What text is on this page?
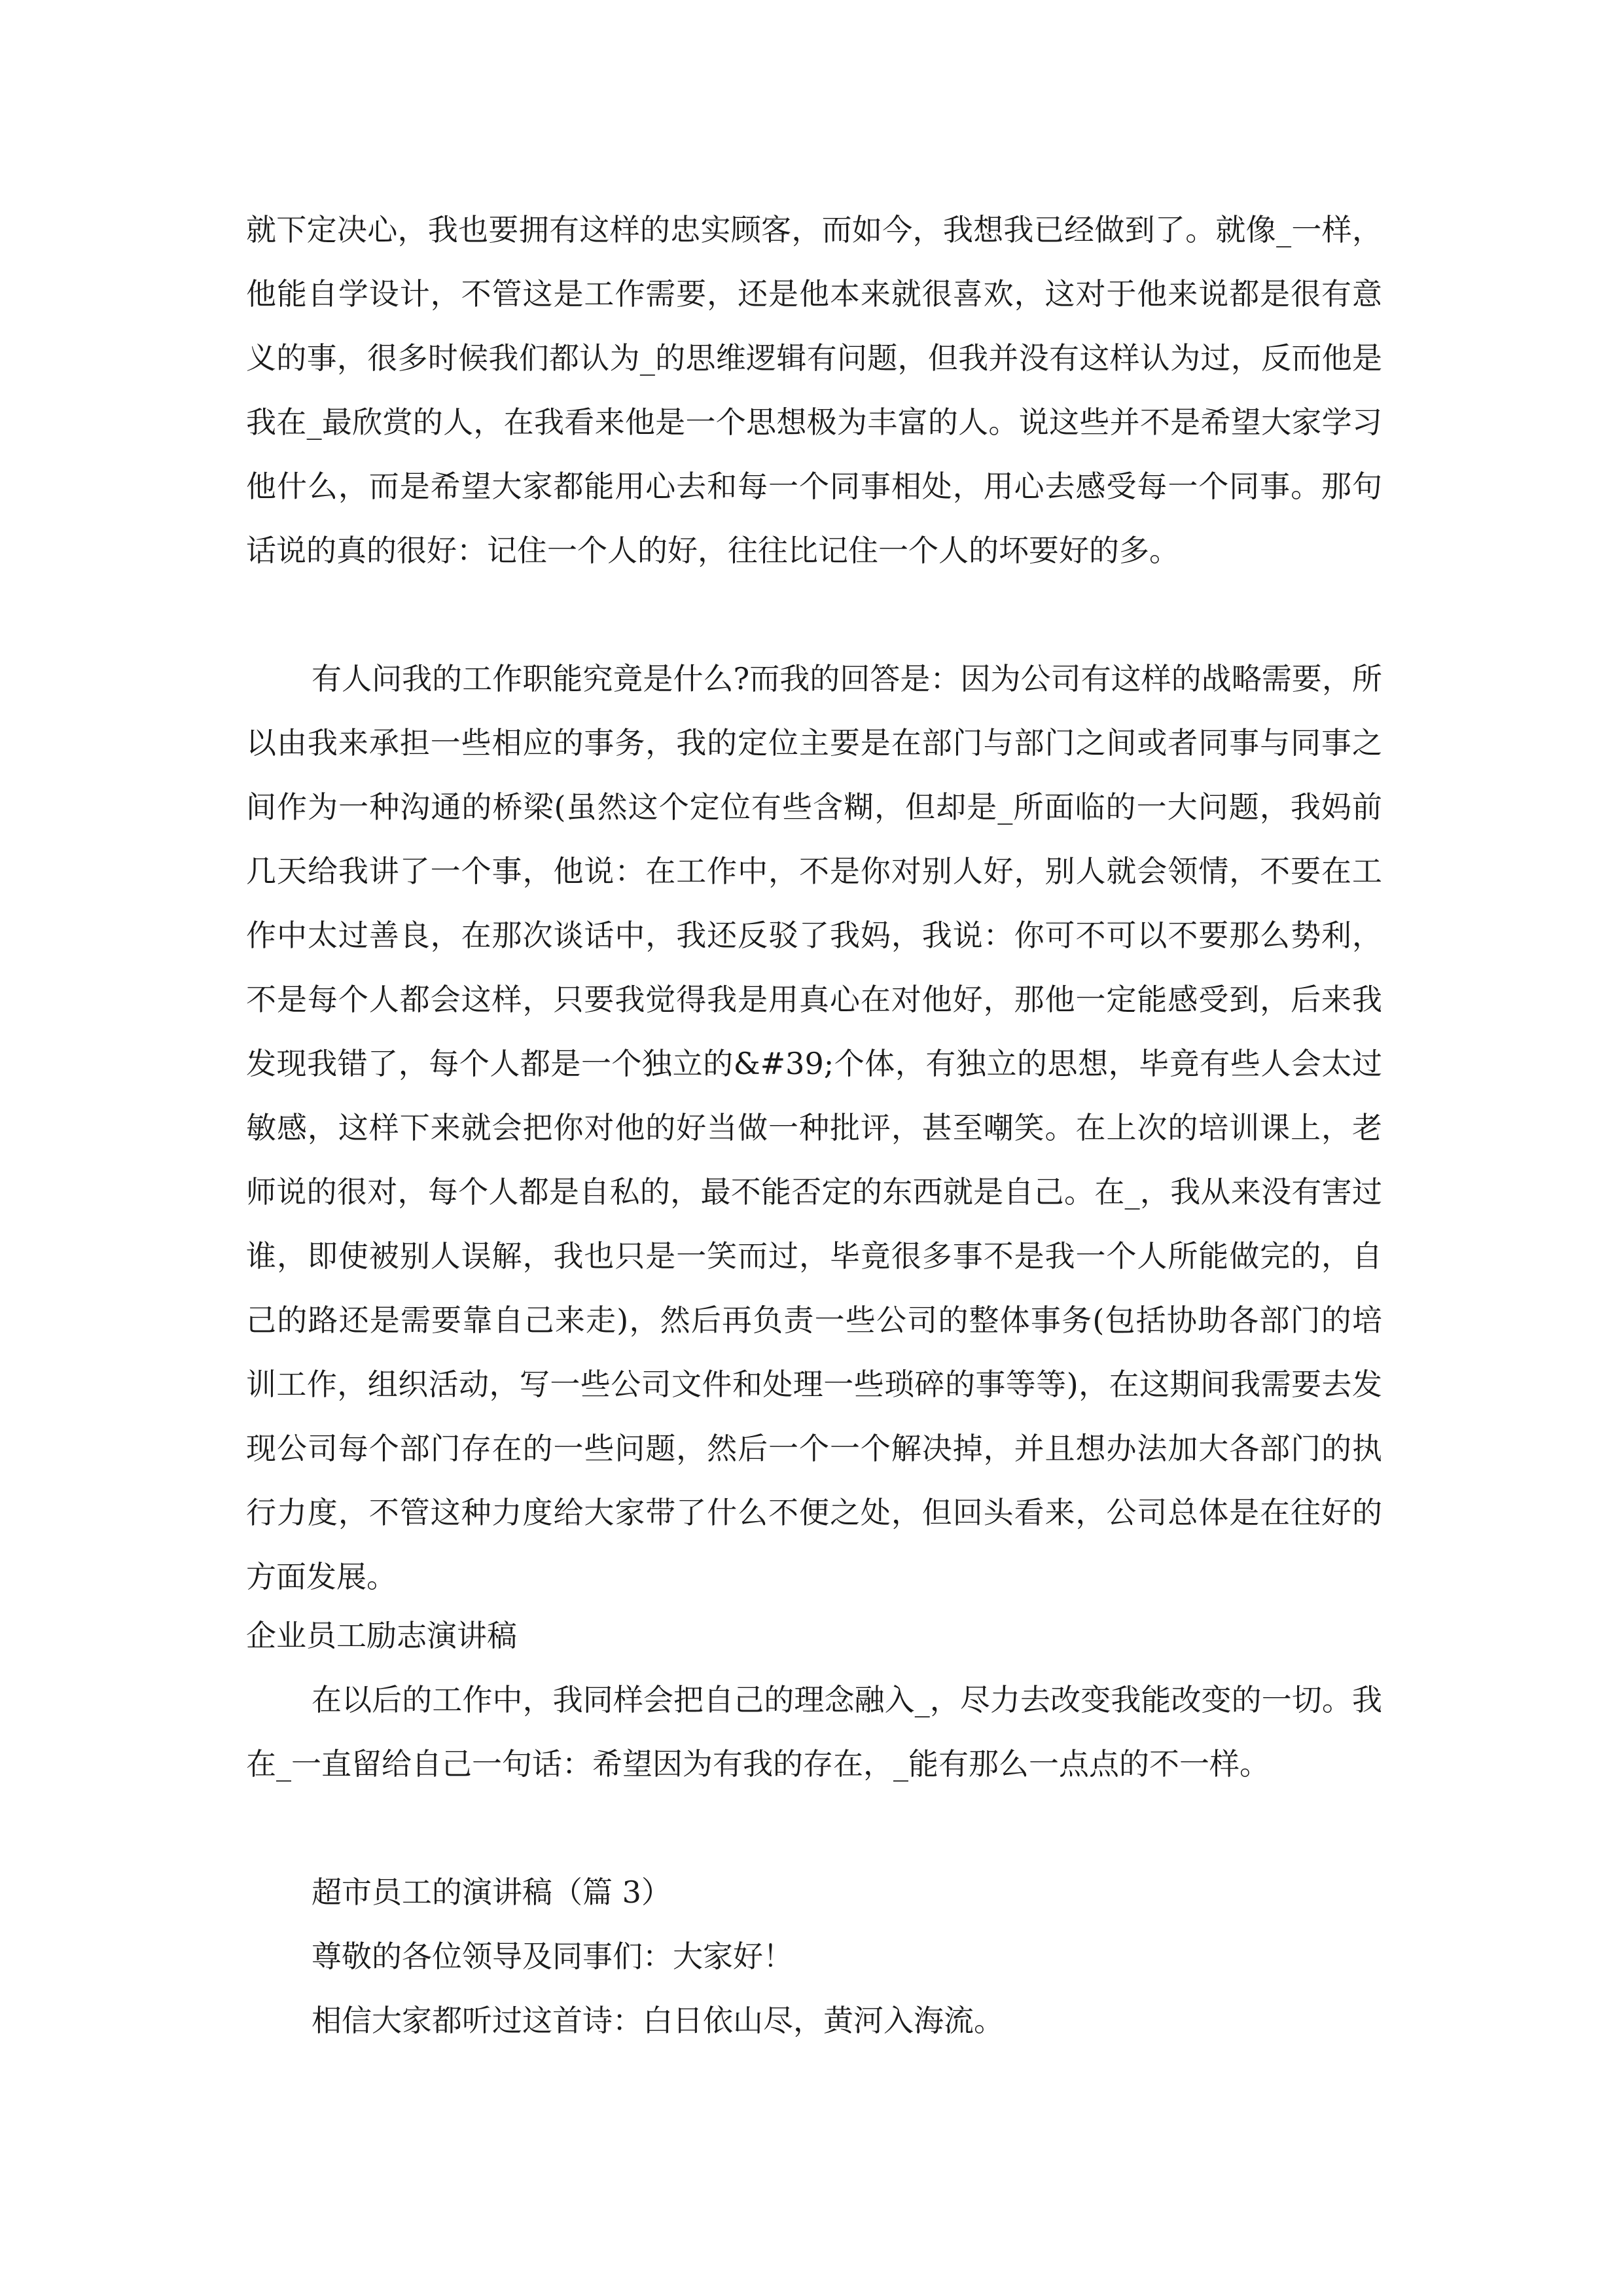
就下定决心，我也要拥有这样的忠实顾客，而如今，我想我已经做到了。就像_一样，他能自学设计，不管这是工作需要，还是他本来就很喜欢，这对于他来说都是很有意义的事，很多时候我们都认为_的思维逻辑有问题，但我并没有这样认为过，反而他是我在_最欣赏的人，在我看来他是一个思想极为丰富的人。说这些并不是希望大家学习他什么，而是希望大家都能用心去和每一个同事相处，用心去感受每一个同事。那句话说的真的很好：记住一个人的好，往往比记住一个人的坏要好的多。
有人问我的工作职能究竟是什么?而我的回答是：因为公司有这样的战略需要，所以由我来承担一些相应的事务，我的定位主要是在部门与部门之间或者同事与同事之间作为一种沟通的桥梁(虽然这个定位有些含糊，但却是_所面临的一大问题，我妈前几天给我讲了一个事，他说：在工作中，不是你对别人好，别人就会领情，不要在工作中太过善良，在那次谈话中，我还反驳了我妈，我说：你可不可以不要那么势利，不是每个人都会这样，只要我觉得我是用真心在对他好，那他一定能感受到，后来我发现我错了，每个人都是一个独立的&#39;个体，有独立的思想，毕竟有些人会太过敏感，这样下来就会把你对他的好当做一种批评，甚至嘲笑。在上次的培训课上，老师说的很对，每个人都是自私的，最不能否定的东西就是自己。在_，我从来没有害过谁，即使被别人误解，我也只是一笑而过，毕竟很多事不是我一个人所能做完的，自己的路还是需要靠自己来走)，然后再负责一些公司的整体事务(包括协助各部门的培训工作，组织活动，写一些公司文件和处理一些琐碎的事等等)，在这期间我需要去发现公司每个部门存在的一些问题，然后一个一个解决掉，并且想办法加大各部门的执行力度，不管这种力度给大家带了什么不便之处，但回头看来，公司总体是在往好的方面发展。
企业员工励志演讲稿
在以后的工作中，我同样会把自己的理念融入_，尽力去改变我能改变的一切。我在_一直留给自己一句话：希望因为有我的存在，_能有那么一点点的不一样。
超市员工的演讲稿（篇 3）
尊敬的各位领导及同事们：大家好！
相信大家都听过这首诗：白日依山尽，黄河入海流。
